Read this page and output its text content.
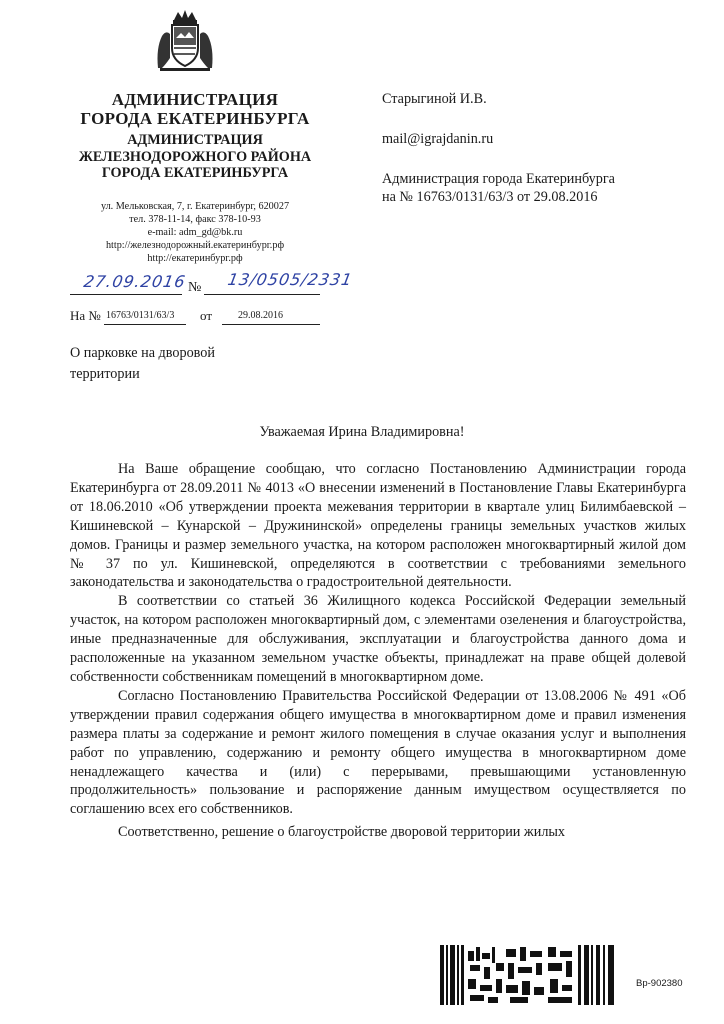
АДМИНИСТРАЦИЯ
ГОРОДА ЕКАТЕРИНБУРГА
АДМИНИСТРАЦИЯ
ЖЕЛЕЗНОДОРОЖНОГО РАЙОНА
ГОРОДА ЕКАТЕРИНБУРГА
ул. Мельковская, 7, г. Екатеринбург, 620027
тел. 378-11-14, факс 378-10-93
e-mail: adm_gd@bk.ru
http://железнодорожный.екатеринбург.рф
http://екатеринбург.рф
27.09.2016 № 13/0505/2331
На № 16763/0131/63/3 от	29.08.2016

Старыгиной И.В.

mail@igrajdanin.ru

Администрация города Екатеринбурга

на № 16763/0131/63/3 от 29.08.2016

О парковке на дворовой
территории
Уважаемая Ирина Владимировна!

На Ваше обращение сообщаю, что согласно Постановлению Администрации города Екатеринбурга от 28.09.2011 № 4013 «О внесении изменений в Постановление Главы Екатеринбурга от 18.06.2010 «Об утверждении проекта межевания территории в квартале улиц Билимбаевской – Кишиневской – Кунарской – Дружининской» определены границы земельных участков жилых домов. Границы и размер земельного участка, на котором расположен многоквартирный жилой дом № 37 по ул. Кишиневской, определяются в соответствии с требованиями земельного законодательства и законодательства о градостроительной деятельности.

В соответствии со статьей 36 Жилищного кодекса Российской Федерации земельный участок, на котором расположен многоквартирный дом, с элементами озеленения и благоустройства, иные предназначенные для обслуживания, эксплуатации и благоустройства данного дома и расположенные на указанном земельном участке объекты, принадлежат на праве общей долевой собственности собственникам помещений в многоквартирном доме.

Согласно Постановлению Правительства Российской Федерации от 13.08.2006 № 491 «Об утверждении правил содержания общего имущества в многоквартирном доме и правил изменения размера платы за содержание и ремонт жилого помещения в случае оказания услуг и выполнения работ по управлению, содержанию и ремонту общего имущества в многоквартирном доме ненадлежащего качества и (или) с перерывами, превышающими установленную продолжительность» пользование и распоряжение данным имуществом осуществляется по соглашению всех его собственников.

Соответственно, решение о благоустройстве дворовой территории жилых

Вр-902380
